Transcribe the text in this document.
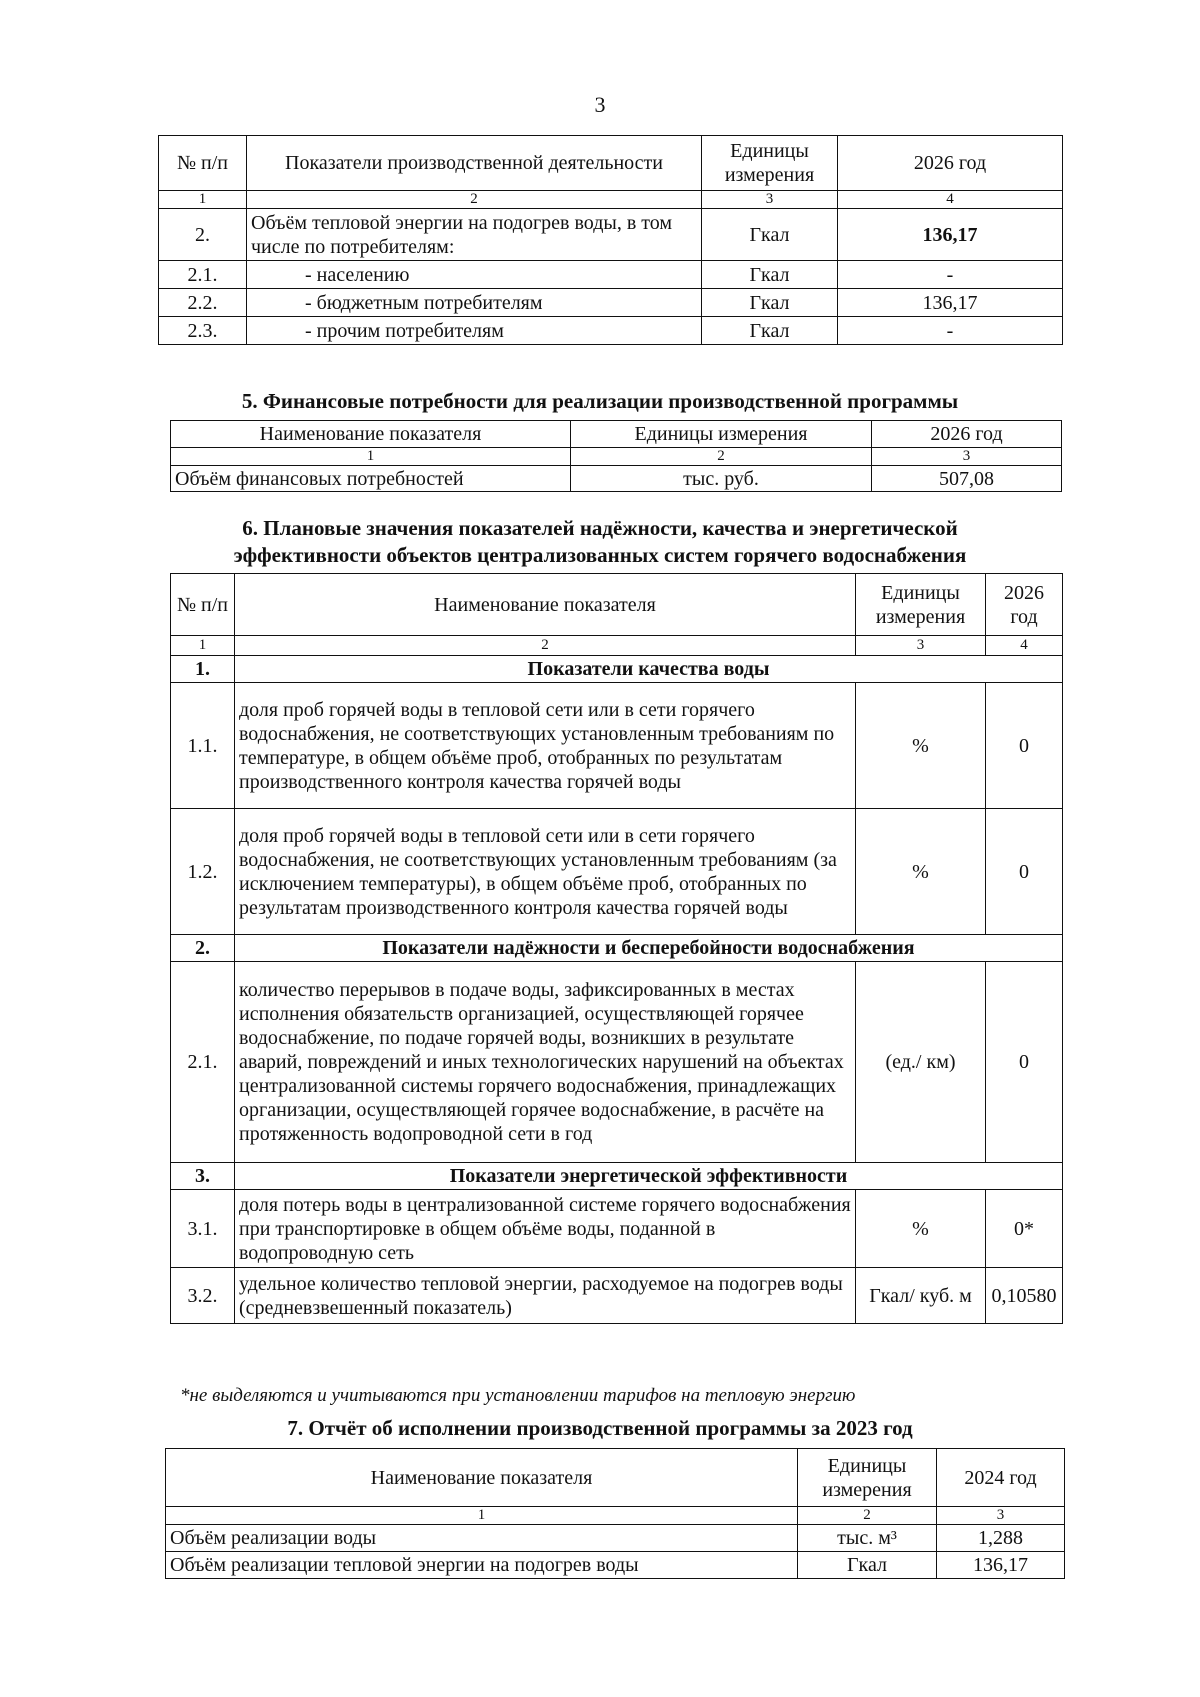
3
№ п/п	Показатели производственной деятельности	Единицы измерения	2026 год
1	2	3	4
2.	Объём тепловой энергии на подогрев воды, в том числе по потребителям:	Гкал	136,17
2.1.	- населению	Гкал	-
2.2.	- бюджетным потребителям	Гкал	136,17
2.3.	- прочим потребителям	Гкал	-
5. Финансовые потребности для реализации производственной программы
Наименование показателя	Единицы измерения	2026 год
1	2	3
Объём финансовых потребностей	тыс. руб.	507,08
6. Плановые значения показателей надёжности, качества и энергетической
эффективности объектов централизованных систем горячего водоснабжения
№ п/п	Наименование показателя	Единицы измерения	2026 год
1	2	3	4
1.	Показатели качества воды		
1.1.	доля проб горячей воды в тепловой сети или в сети горячего водоснабжения, не соответствующих установленным требованиям по температуре, в общем объёме проб, отобранных по результатам производственного контроля качества горячей воды	%	0
1.2.	доля проб горячей воды в тепловой сети или в сети горячего водоснабжения, не соответствующих установленным требованиям (за исключением температуры), в общем объёме проб, отобранных по результатам производственного контроля качества горячей воды	%	0
2.	Показатели надёжности и бесперебойности водоснабжения		
2.1.	количество перерывов в подаче воды, зафиксированных в местах исполнения обязательств организацией, осуществляющей горячее водоснабжение, по подаче горячей воды, возникших в результате аварий, повреждений и иных технологических нарушений на объектах централизованной системы горячего водоснабжения, принадлежащих организации, осуществляющей горячее водоснабжение, в расчёте на протяженность водопроводной сети в год	(ед./ км)	0
3.	Показатели энергетической эффективности		
3.1.	доля потерь воды в централизованной системе горячего водоснабжения при транспортировке в общем объёме воды, поданной в водопроводную сеть	%	0*
3.2.	удельное количество тепловой энергии, расходуемое на подогрев воды (средневзвешенный показатель)	Гкал/ куб. м	0,10580
*не выделяются и учитываются при установлении тарифов на тепловую энергию
7. Отчёт об исполнении производственной программы за 2023 год
Наименование показателя	Единицы измерения	2024 год
1	2	3
Объём реализации воды	тыс. м³	1,288
Объём реализации тепловой энергии на подогрев воды	Гкал	136,17
